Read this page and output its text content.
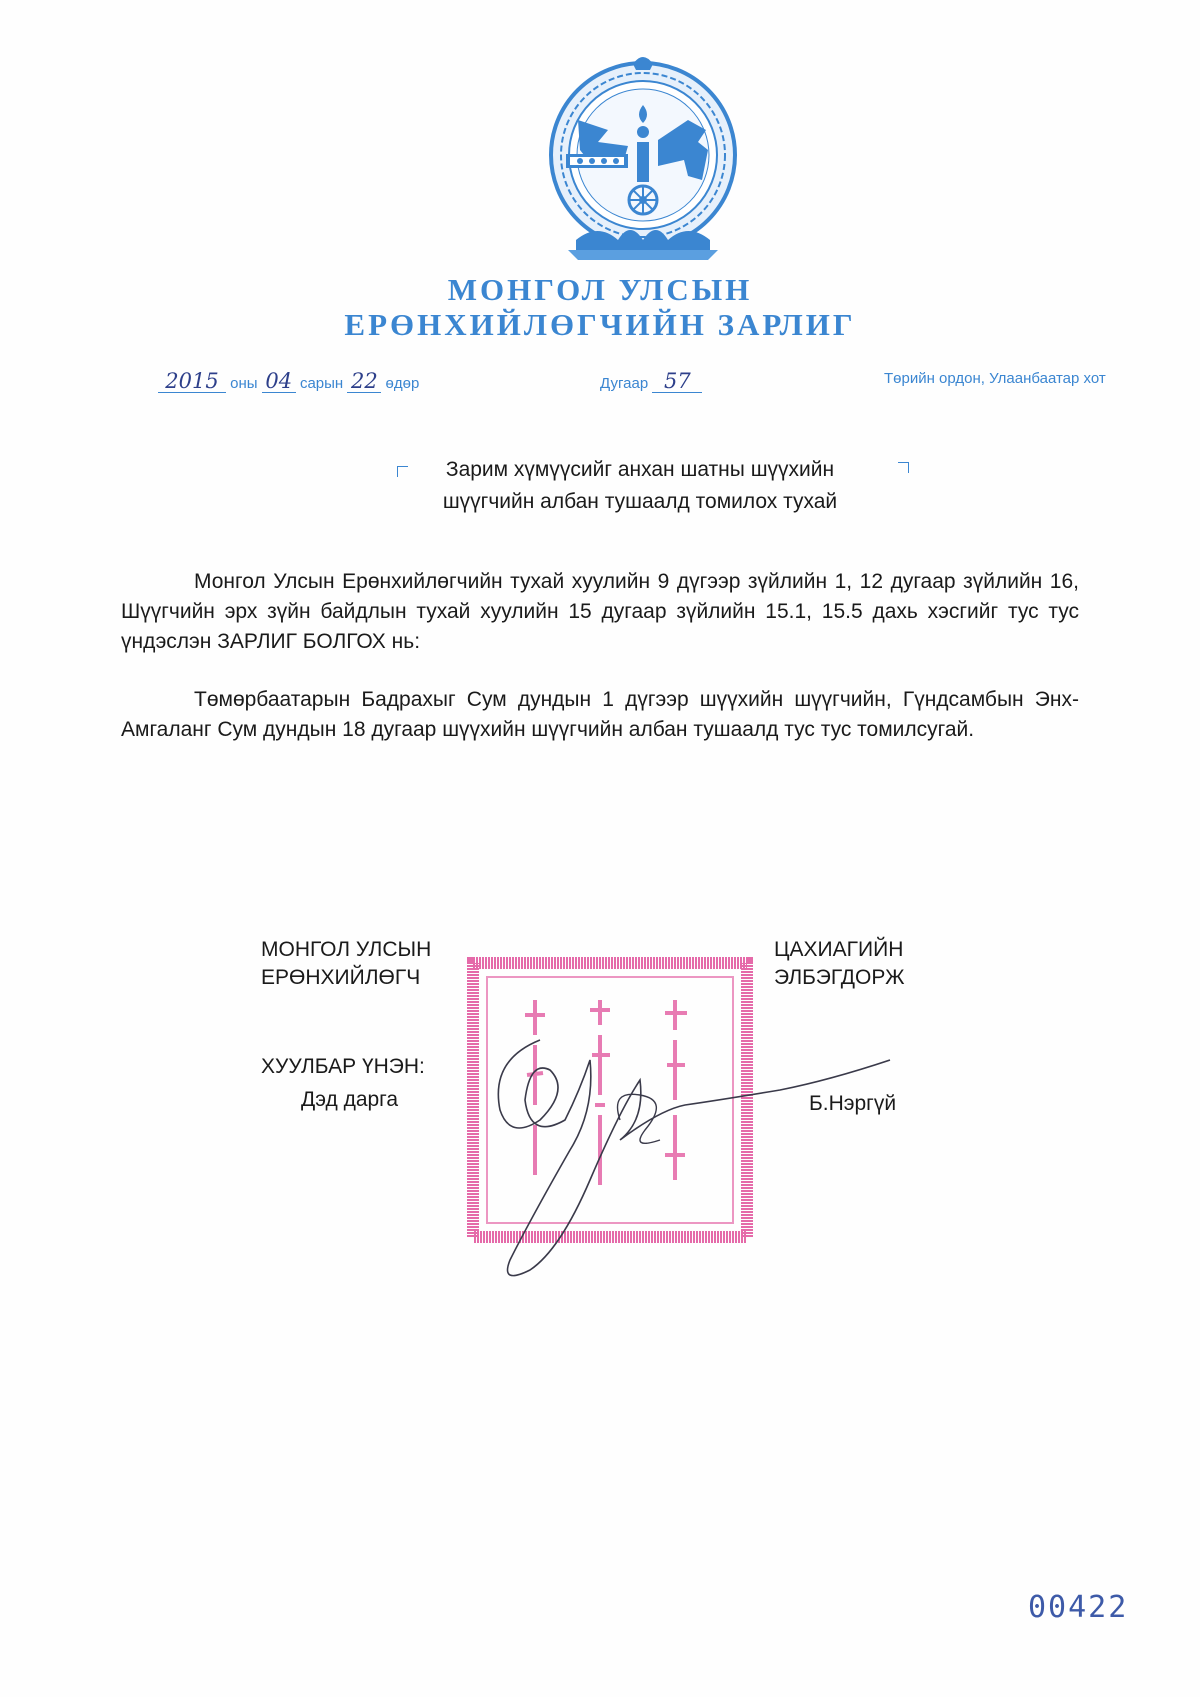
МОНГОЛ УЛСЫН
ЕРӨНХИЙЛӨГЧИЙН ЗАРЛИГ
2015 оны 04 сарын 22 өдөр	Дугаар 57	Төрийн ордон, Улаанбаатар хот
Зарим хүмүүсийг анхан шатны шүүхийн
шүүгчийн албан тушаалд томилох тухай
Монгол Улсын Ерөнхийлөгчийн тухай хуулийн 9 дүгээр зүйлийн 1, 12 дугаар зүйлийн 16, Шүүгчийн эрх зүйн байдлын тухай хуулийн 15 дугаар зүйлийн 15.1, 15.5 дахь хэсгийг тус тус үндэслэн ЗАРЛИГ БОЛГОХ нь:
Төмөрбаатарын Бадрахыг Сум дундын 1 дүгээр шүүхийн шүүгчийн, Гүндсамбын Энх-Амгаланг Сум дундын 18 дугаар шүүхийн шүүгчийн албан тушаалд тус тус томилсугай.
МОНГОЛ УЛСЫН
ЕРӨНХИЙЛӨГЧ
ЦАХИАГИЙН
ЭЛБЭГДОРЖ
ХУУЛБАР ҮНЭН:
Дэд дарга	Б.Нэргүй
00422
